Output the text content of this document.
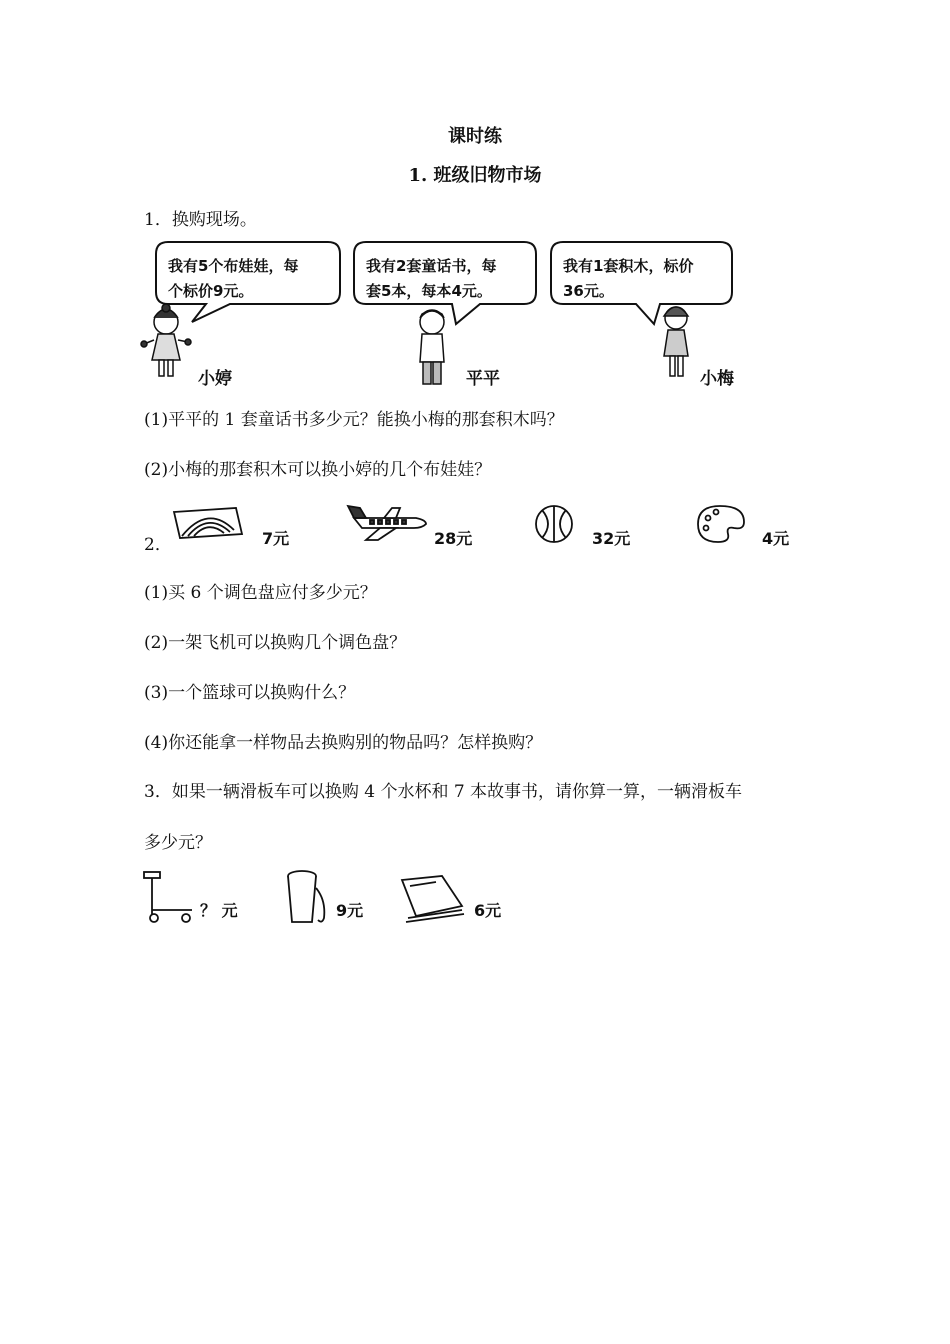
课时练
1. 班级旧物市场
1．换购现场。
我有5个布娃娃，每
个标价9元。
我有2套童话书，每
套5本，每本4元。
我有1套积木，标价
36元。
小婷	平平	小梅
(1)平平的 1 套童话书多少元？能换小梅的那套积木吗？
(2)小梅的那套积木可以换小婷的几个布娃娃？
2．	7元	28元	32元	4元
(1)买 6 个调色盘应付多少元？
(2)一架飞机可以换购几个调色盘？
(3)一个篮球可以换购什么？
(4)你还能拿一样物品去换购别的物品吗？怎样换购？
3．如果一辆滑板车可以换购 4 个水杯和 7 本故事书，请你算一算，一辆滑板车
多少元？
？ 元	9元	6元
